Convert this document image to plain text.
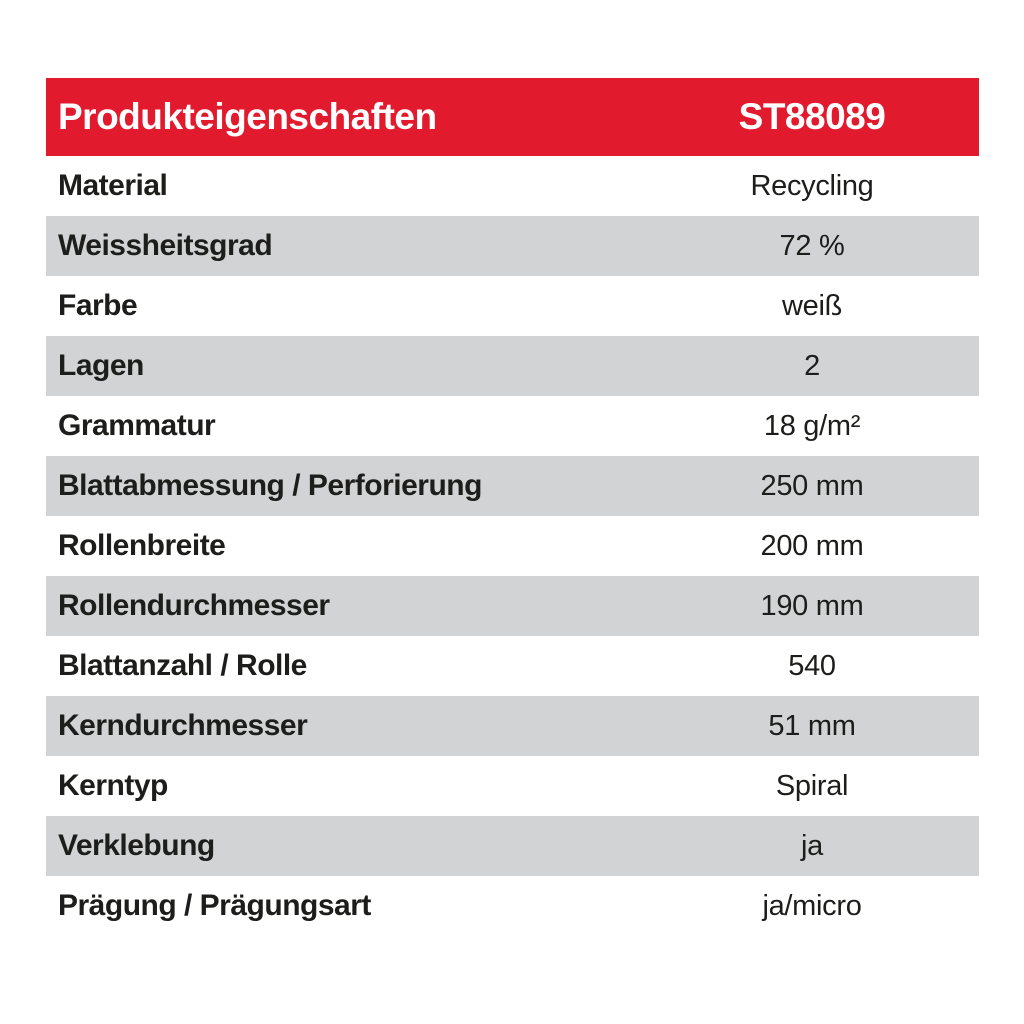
Produkteigenschaften	ST88089
Material	Recycling
Weissheitsgrad	72 %
Farbe	weiß
Lagen	2
Grammatur	18 g/m²
Blattabmessung / Perforierung	250 mm
Rollenbreite	200 mm
Rollendurchmesser	190 mm
Blattanzahl / Rolle	540
Kerndurchmesser	51 mm
Kerntyp	Spiral
Verklebung	ja
Prägung / Prägungsart	ja/micro
